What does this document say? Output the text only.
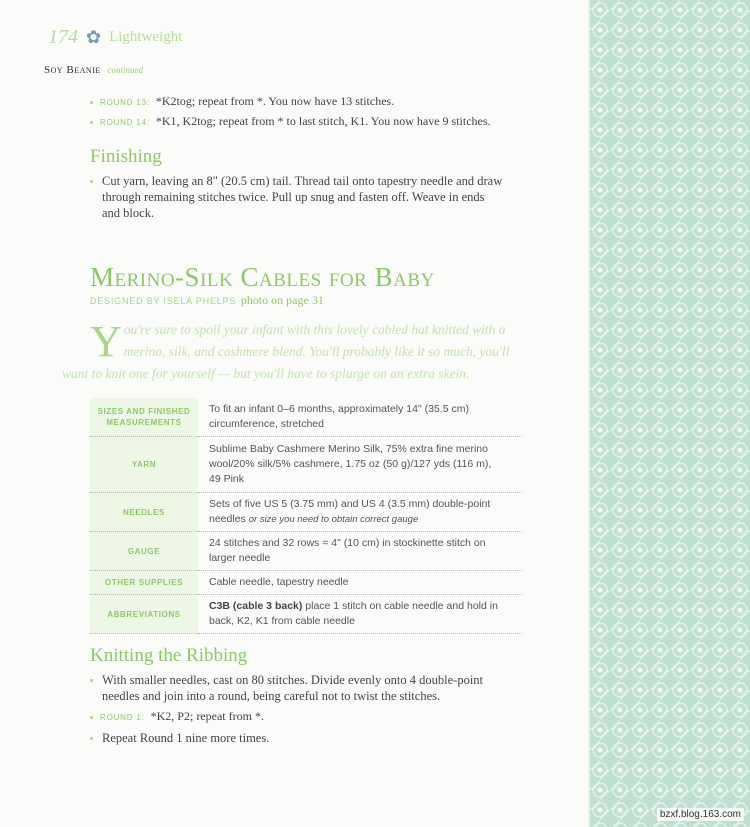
174 ✿ Lightweight
Soy Beanie continued
ROUND 13: *K2tog; repeat from *. You now have 13 stitches.
ROUND 14: *K1, K2tog; repeat from * to last stitch, K1. You now have 9 stitches.
Finishing
Cut yarn, leaving an 8" (20.5 cm) tail. Thread tail onto tapestry needle and draw
through remaining stitches twice. Pull up snug and fasten off. Weave in ends
and block.
Merino-Silk Cables for Baby
DESIGNED BY ISELA PHELPS photo on page 31
Y ou're sure to spoil your infant with this lovely cabled hat knitted with a
merino, silk, and cashmere blend. You'll probably like it so much, you'll
want to knit one for yourself — but you'll have to splurge on an extra skein.
SIZES AND FINISHED MEASUREMENTS	To fit an infant 0–6 months, approximately 14" (35.5 cm)
circumference, stretched
YARN	Sublime Baby Cashmere Merino Silk, 75% extra fine merino
wool/20% silk/5% cashmere, 1.75 oz (50 g)/127 yds (116 m),
49 Pink
NEEDLES	Sets of five US 5 (3.75 mm) and US 4 (3.5 mm) double-point
needles or size you need to obtain correct gauge
GAUGE	24 stitches and 32 rows = 4" (10 cm) in stockinette stitch on
larger needle
OTHER SUPPLIES	Cable needle, tapestry needle
ABBREVIATIONS	C3B (cable 3 back) place 1 stitch on cable needle and hold in
back, K2, K1 from cable needle
Knitting the Ribbing
With smaller needles, cast on 80 stitches. Divide evenly onto 4 double-point
needles and join into a round, being careful not to twist the stitches.
ROUND 1: *K2, P2; repeat from *.
Repeat Round 1 nine more times.
bzxf.blog.163.com
